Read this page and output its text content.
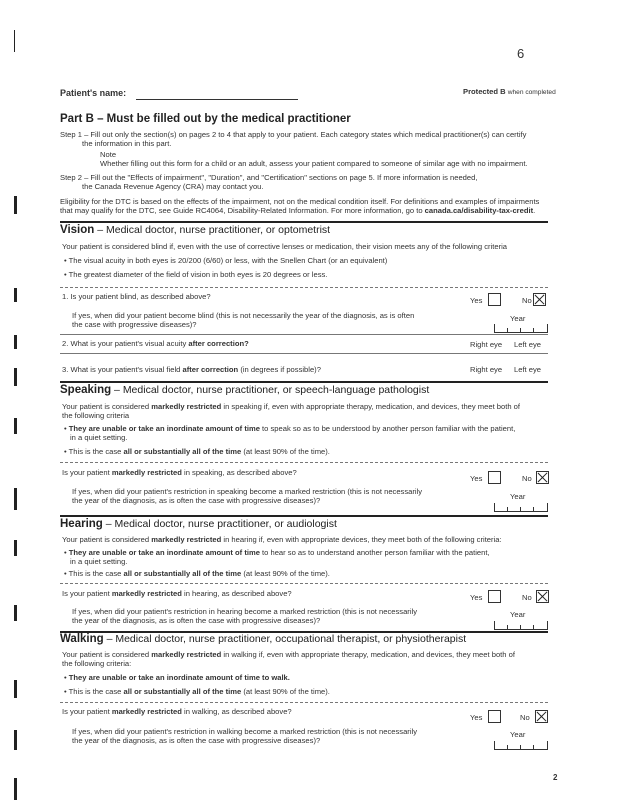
6
Patient's name:	Protected B when completed
Part B – Must be filled out by the medical practitioner
Step 1 – Fill out only the section(s) on pages 2 to 4 that apply to your patient. Each category states which medical practitioner(s) can certify
the information in this part.
Note
Whether filling out this form for a child or an adult, assess your patient compared to someone of similar age with no impairment.
Step 2 – Fill out the "Effects of impairment", "Duration", and "Certification" sections on page 5. If more information is needed,
the Canada Revenue Agency (CRA) may contact you.
Eligibility for the DTC is based on the effects of the impairment, not on the medical condition itself. For definitions and examples of impairments
that may qualify for the DTC, see Guide RC4064, Disability-Related Information. For more information, go to canada.ca/disability-tax-credit.
Vision – Medical doctor, nurse practitioner, or optometrist
Your patient is considered blind if, even with the use of corrective lenses or medication, their vision meets any of the following criteria
• The visual acuity in both eyes is 20/200 (6/60) or less, with the Snellen Chart (or an equivalent)
• The greatest diameter of the field of vision in both eyes is 20 degrees or less.
1. Is your patient blind, as described above?	Yes	No
If yes, when did your patient become blind (this is not necessarily the year of the diagnosis, as is often
the case with progressive diseases)?
Year
2. What is your patient's visual acuity after correction?	Right eye Left eye
3. What is your patient's visual field after correction (in degrees if possible)?	Right eye Left eye
Speaking – Medical doctor, nurse practitioner, or speech-language pathologist
Your patient is considered markedly restricted in speaking if, even with appropriate therapy, medication, and devices, they meet both of
the following criteria
• They are unable or take an inordinate amount of time to speak so as to be understood by another person familiar with the patient,
in a quiet setting.
• This is the case all or substantially all of the time (at least 90% of the time).
Is your patient markedly restricted in speaking, as described above?
Yes	No
If yes, when did your patient's restriction in speaking become a marked restriction (this is not necessarily
the year of the diagnosis, as is often the case with progressive diseases)?	Year
Hearing – Medical doctor, nurse practitioner, or audiologist
Your patient is considered markedly restricted in hearing if, even with appropriate devices, they meet both of the following criteria:
• They are unable or take an inordinate amount of time to hear so as to understand another person familiar with the patient,
in a quiet setting.
• This is the case all or substantially all of the time (at least 90% of the time).
Is your patient markedly restricted in hearing, as described above?	Yes	No
If yes, when did your patient's restriction in hearing become a marked restriction (this is not necessarily
the year of the diagnosis, as is often the case with progressive diseases)?
Year
Walking – Medical doctor, nurse practitioner, occupational therapist, or physiotherapist
Your patient is considered markedly restricted in walking if, even with appropriate therapy, medication, and devices, they meet both of
the following criteria:
• They are unable or take an inordinate amount of time to walk.
• This is the case all or substantially all of the time (at least 90% of the time).
Is your patient markedly restricted in walking, as described above?
Yes	No
If yes, when did your patient's restriction in walking become a marked restriction (this is not necessarily
the year of the diagnosis, as is often the case with progressive diseases)?
Year
2
